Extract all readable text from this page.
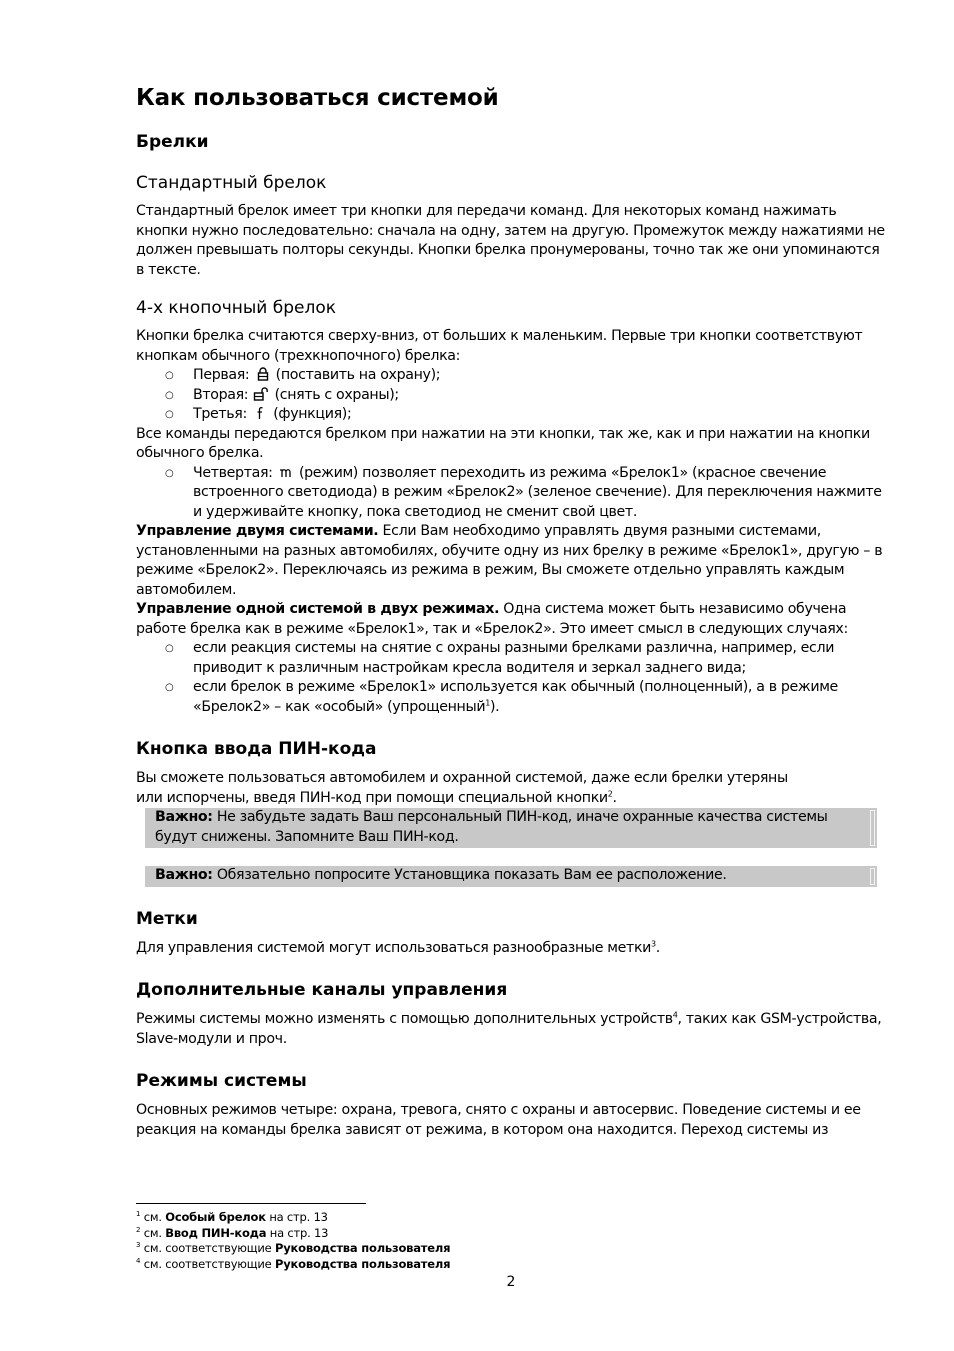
Как пользоваться системой
Брелки
Стандартный брелок

Стандартный брелок имеет три кнопки для передачи команд. Для некоторых команд нажимать кнопки нужно последовательно: сначала на одну, затем на другую. Промежуток между нажатиями не должен превышать полторы секунды. Кнопки брелка пронумерованы, точно так же они упоминаются в тексте.

4-х кнопочный брелок

Кнопки брелка считаются сверху-вниз, от больших к маленьким. Первые три кнопки соответствуют кнопкам обычного (трехкнопочного) брелка:

○ Первая: (поставить на охрану);
○ Вторая: (снять с охраны);
○ Третья: (функция);

Все команды передаются брелком при нажатии на эти кнопки, так же, как и при нажатии на кнопки обычного брелка.

○ Четвертая: (режим) позволяет переходить из режима «Брелок1» (красное свечение встроенного светодиода) в режим «Брелок2» (зеленое свечение). Для переключения нажмите и удерживайте кнопку, пока светодиод не сменит свой цвет.

Управление двумя системами. Если Вам необходимо управлять двумя разными системами, установленными на разных автомобилях, обучите одну из них брелку в режиме «Брелок1», другую – в режиме «Брелок2». Переключаясь из режима в режим, Вы сможете отдельно управлять каждым автомобилем.

Управление одной системой в двух режимах. Одна система может быть независимо обучена работе брелка как в режиме «Брелок1», так и «Брелок2». Это имеет смысл в следующих случаях:

○ если реакция системы на снятие с охраны разными брелками различна, например, если приводит к различным настройкам кресла водителя и зеркал заднего вида;
○ если брелок в режиме «Брелок1» используется как обычный (полноценный), а в режиме «Брелок2» – как «особый» (упрощенный$^1$).
Кнопка ввода ПИН-кода

Вы сможете пользоваться автомобилем и охранной системой, даже если брелки утеряны
или испорчены, введя ПИН-код при помощи специальной кнопки$^2$.

Важно: Не забудьте задать Ваш персональный ПИН-код, иначе охранные качества системы будут снижены. Запомните Ваш ПИН-код.
Важно: Обязательно попросите Установщика показать Вам ее расположение.
Метки

Для управления системой могут использоваться разнообразные метки$^3$.

Дополнительные каналы управления

Режимы системы можно изменять с помощью дополнительных устройств$^4$, таких как GSM-устройства, Slave-модули и проч.

Режимы системы

Основных режимов четыре: охрана, тревога, снято с охраны и автосервис. Поведение системы и ее реакция на команды брелка зависят от режима, в котором она находится. Переход системы из

$^1$ см. Особый брелок на стр. 13
$^2$ см. Ввод ПИН-кода на стр. 13
$^3$ см. соответствующие Руководства пользователя
$^4$ см. соответствующие Руководства пользователя
2
